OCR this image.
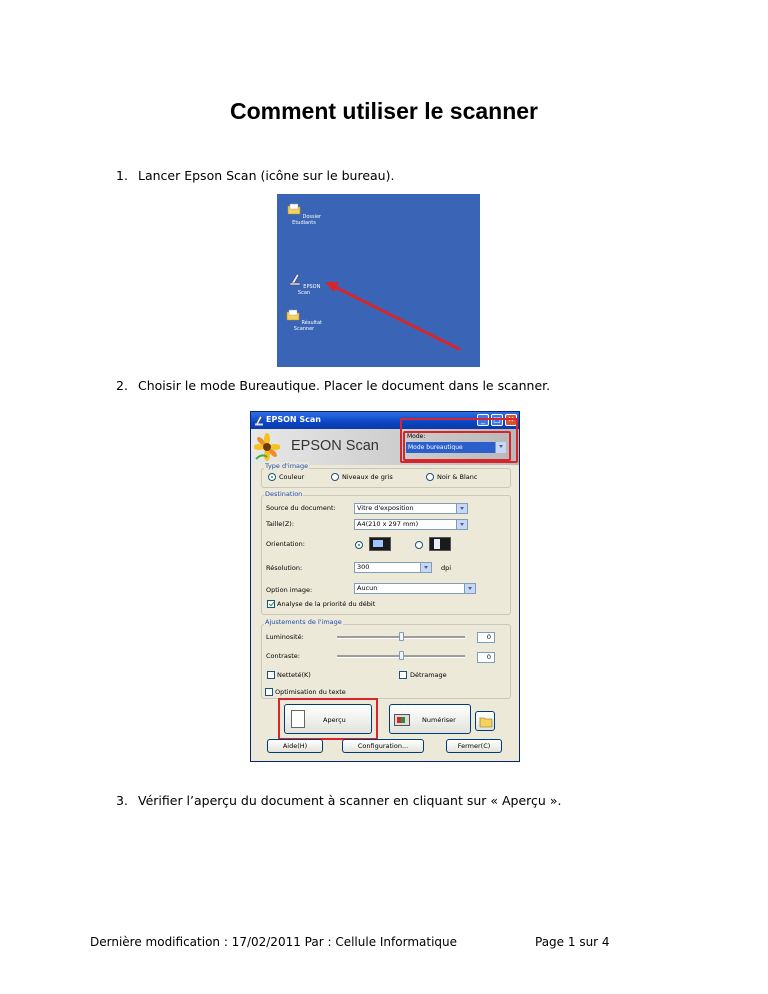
Comment utiliser le scanner
1. Lancer Epson Scan (icône sur le bureau).
Dossier Etudiants
EPSON Scan
Résultat Scanner
2. Choisir le mode Bureautique. Placer le document dans le scanner.
EPSON Scan	_	□ ✕
EPSON Scan
Mode:
Mode bureautique
Type d'image
Couleur	Niveaux de gris	Noir & Blanc
Destination
Source du document:	Vitre d'exposition
Taille(Z):	A4(210 x 297 mm)
Orientation:
Résolution:	300	dpi
Option image:	Aucun
Analyse de la priorité du débit
Ajustements de l'image
Luminosité:	0
Contraste:	0
Netteté(K)	Détramage
Optimisation du texte
Aperçu	Numériser
Aide(H)	Configuration...	Fermer(C)
3. Vérifier l’aperçu du document à scanner en cliquant sur « Aperçu ».
Dernière modification : 17/02/2011 Par : Cellule Informatique	Page 1 sur 4
